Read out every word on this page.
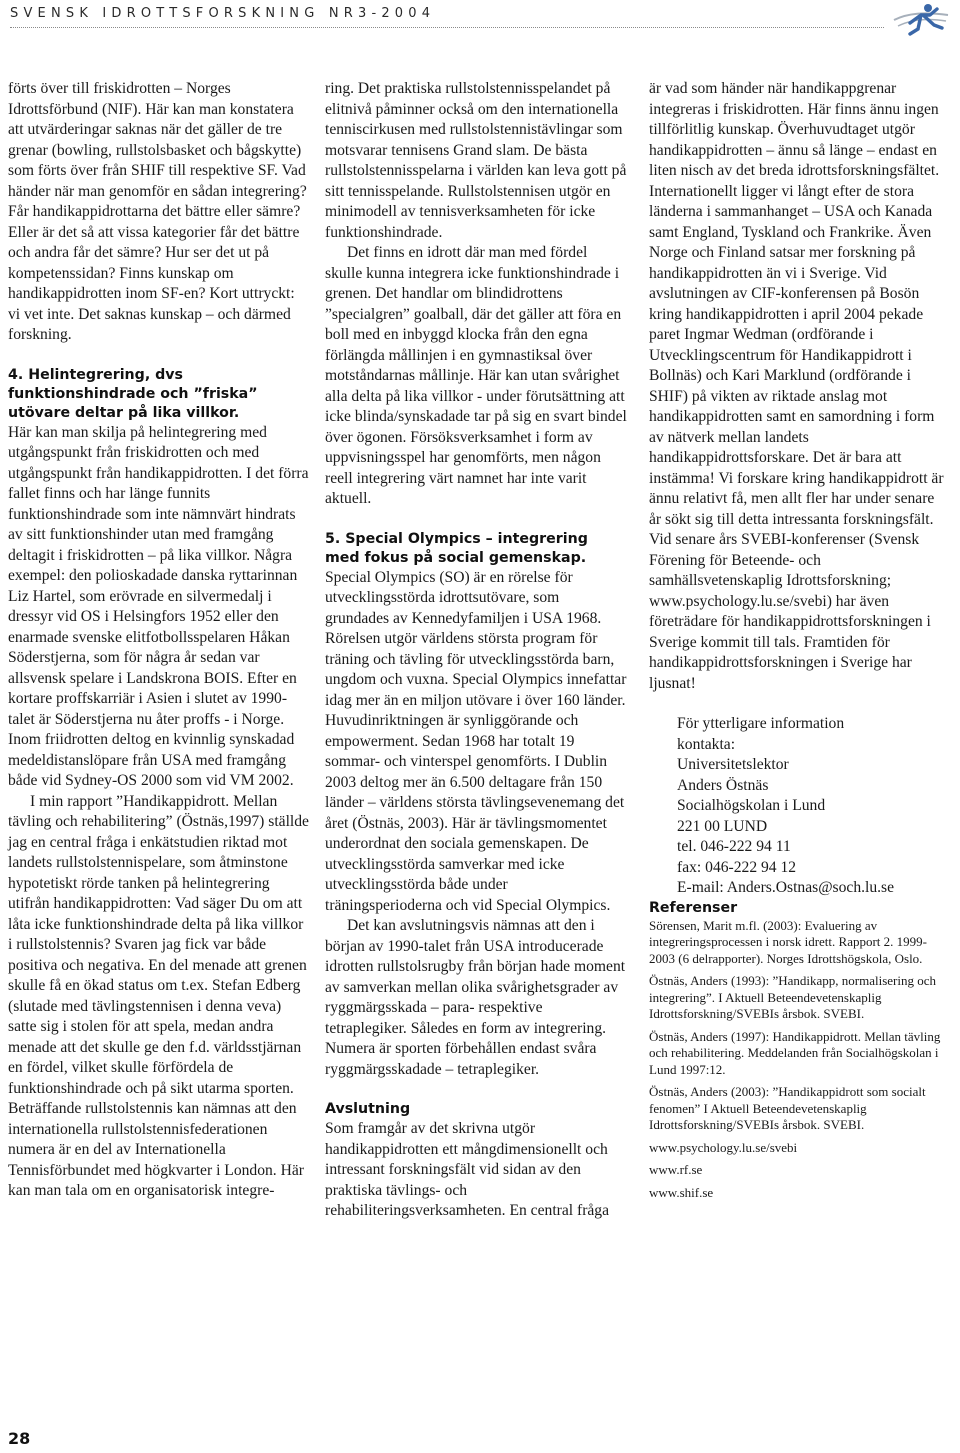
SVENSK IDROTTSFORSKNING NR3-2004

förts över till friskidrotten – Norges Idrottsförbund (NIF). Här kan man konstatera att utvärderingar saknas när det gäller de tre grenar (bowling, rullstolsbasket och bågskytte) som förts över från SHIF till respektive SF. Vad händer när man genomför en sådan integrering? Får handikappidrottarna det bättre eller sämre? Eller är det så att vissa kategorier får det bättre och andra får det sämre? Hur ser det ut på kompetenssidan? Finns kunskap om handikappidrotten inom SF-en? Kort uttryckt: vi vet inte. Det saknas kunskap – och därmed forskning.

4. Helintegrering, dvs funktionshindrade och ”friska” utövare deltar på lika villkor.

Här kan man skilja på helintegrering med utgångspunkt från friskidrotten och med utgångspunkt från handikappidrotten. I det förra fallet finns och har länge funnits funktionshindrade som inte nämnvärt hindrats av sitt funktionshinder utan med framgång deltagit i friskidrotten – på lika villkor. Några exempel: den polioskadade danska ryttarinnan Liz Hartel, som erövrade en silvermedalj i dressyr vid OS i Helsingfors 1952 eller den enarmade svenske elitfotbollsspelaren Håkan Söderstjerna, som för några år sedan var allsvensk spelare i Landskrona BOIS. Efter en kortare proffskarriär i Asien i slutet av 1990-talet är Söderstjerna nu åter proffs - i Norge. Inom friidrotten deltog en kvinnlig synskadad medeldistanslöpare från USA med framgång både vid Sydney-OS 2000 som vid VM 2002.

I min rapport ”Handikappidrott. Mellan tävling och rehabilitering” (Östnäs,1997) ställde jag en central fråga i enkätstudien riktad mot landets rullstolstennispelare, som åtminstone hypotetiskt rörde tanken på helintegrering utifrån handikappidrotten: Vad säger Du om att låta icke funktionshindrade delta på lika villkor i rullstolstennis? Svaren jag fick var både positiva och negativa. En del menade att grenen skulle få en ökad status om t.ex. Stefan Edberg (slutade med tävlingstennisen i denna veva) satte sig i stolen för att spela, medan andra menade att det skulle ge den f.d. världsstjärnan en fördel, vilket skulle förfördela de funktionshindrade och på sikt utarma sporten. Beträffande rullstolstennis kan nämnas att den internationella rullstolstennisfederationen numera är en del av Internationella Tennisförbundet med högkvarter i London. Här kan man tala om en organisatorisk integre-

ring. Det praktiska rullstolstennisspelandet på elitnivå påminner också om den internationella tenniscirkusen med rullstolstennistävlingar som motsvarar tennisens Grand slam. De bästa rullstolstennisspelarna i världen kan leva gott på sitt tennisspelande. Rullstolstennisen utgör en minimodell av tennisverksamheten för icke funktionshindrade.

Det finns en idrott där man med fördel skulle kunna integrera icke funktionshindrade i grenen. Det handlar om blindidrottens ”specialgren” goalball, där det gäller att föra en boll med en inbyggd klocka från den egna förlängda mållinjen i en gymnastiksal över motståndarnas mållinje. Här kan utan svårighet alla delta på lika villkor - under förutsättning att icke blinda/synskadade tar på sig en svart bindel över ögonen. Försöksverksamhet i form av uppvisningsspel har genomförts, men någon reell integrering värt namnet har inte varit aktuell.

5. Special Olympics – integrering med fokus på social gemenskap.

Special Olympics (SO) är en rörelse för utvecklingsstörda idrottsutövare, som grundades av Kennedyfamiljen i USA 1968. Rörelsen utgör världens största program för träning och tävling för utvecklingsstörda barn, ungdom och vuxna. Special Olympics innefattar idag mer än en miljon utövare i över 160 länder. Huvudinriktningen är synliggörande och empowerment. Sedan 1968 har totalt 19 sommar- och vinterspel genomförts. I Dublin 2003 deltog mer än 6.500 deltagare från 150 länder – världens största tävlingsevenemang det året (Östnäs, 2003). Här är tävlingsmomentet underordnat den sociala gemenskapen. De utvecklingsstörda samverkar med icke utvecklingsstörda både under träningsperioderna och vid Special Olympics.

Det kan avslutningsvis nämnas att den i början av 1990-talet från USA introducerade idrotten rullstolsrugby från början hade moment av samverkan mellan olika svårighetsgrader av ryggmärgsskada – para- respektive tetraplegiker. Således en form av integrering. Numera är sporten förbehållen endast svåra ryggmärgsskadade – tetraplegiker.

Avslutning

Som framgår av det skrivna utgör handikappidrotten ett mångdimensionellt och intressant forskningsfält vid sidan av den praktiska tävlings- och rehabiliteringsverksamheten. En central fråga

är vad som händer när handikappgrenar integreras i friskidrotten. Här finns ännu ingen tillförlitlig kunskap. Överhuvudtaget utgör handikappidrotten – ännu så länge – endast en liten nisch av det breda idrottsforskningsfältet. Internationellt ligger vi långt efter de stora länderna i sammanhanget – USA och Kanada samt England, Tyskland och Frankrike. Även Norge och Finland satsar mer forskning på handikappidrotten än vi i Sverige. Vid avslutningen av CIF-konferensen på Bosön kring handikappidrotten i april 2004 pekade paret Ingmar Wedman (ordförande i Utvecklingscentrum för Handikappidrott i Bollnäs) och Kari Marklund (ordförande i SHIF) på vikten av riktade anslag mot handikappidrotten samt en samordning i form av nätverk mellan landets handikappidrottsforskare. Det är bara att instämma! Vi forskare kring handikappidrott är ännu relativt få, men allt fler har under senare år sökt sig till detta intressanta forskningsfält. Vid senare års SVEBI-konferenser (Svensk Förening för Beteende- och samhällsvetenskaplig Idrottsforskning; www.psychology.lu.se/svebi) har även företrädare för handikappidrottsforskningen i Sverige kommit till tals. Framtiden för handikappidrottsforskningen i Sverige har ljusnat!

För ytterligare information
kontakta:
Universitetslektor
Anders Östnäs
Socialhögskolan i Lund
221 00 LUND
tel. 046-222 94 11
fax: 046-222 94 12
E-mail: Anders.Ostnas@soch.lu.se
Referenser

Sörensen, Marit m.fl. (2003): Evaluering av integreringsprocessen i norsk idrett. Rapport 2. 1999-2003 (6 delrapporter). Norges Idrottshögskola, Oslo.

Östnäs, Anders (1993): ”Handikapp, normalisering och integrering”. I Aktuell Beteendevetenskaplig Idrottsforskning/SVEBIs årsbok. SVEBI.

Östnäs, Anders (1997): Handikappidrott. Mellan tävling och rehabilitering. Meddelanden från Socialhögskolan i Lund 1997:12.

Östnäs, Anders (2003): ”Handikappidrott som socialt fenomen” I Aktuell Beteendevetenskaplig Idrottsforskning/SVEBIs årsbok. SVEBI.

www.psychology.lu.se/svebi

www.rf.se

www.shif.se

28
